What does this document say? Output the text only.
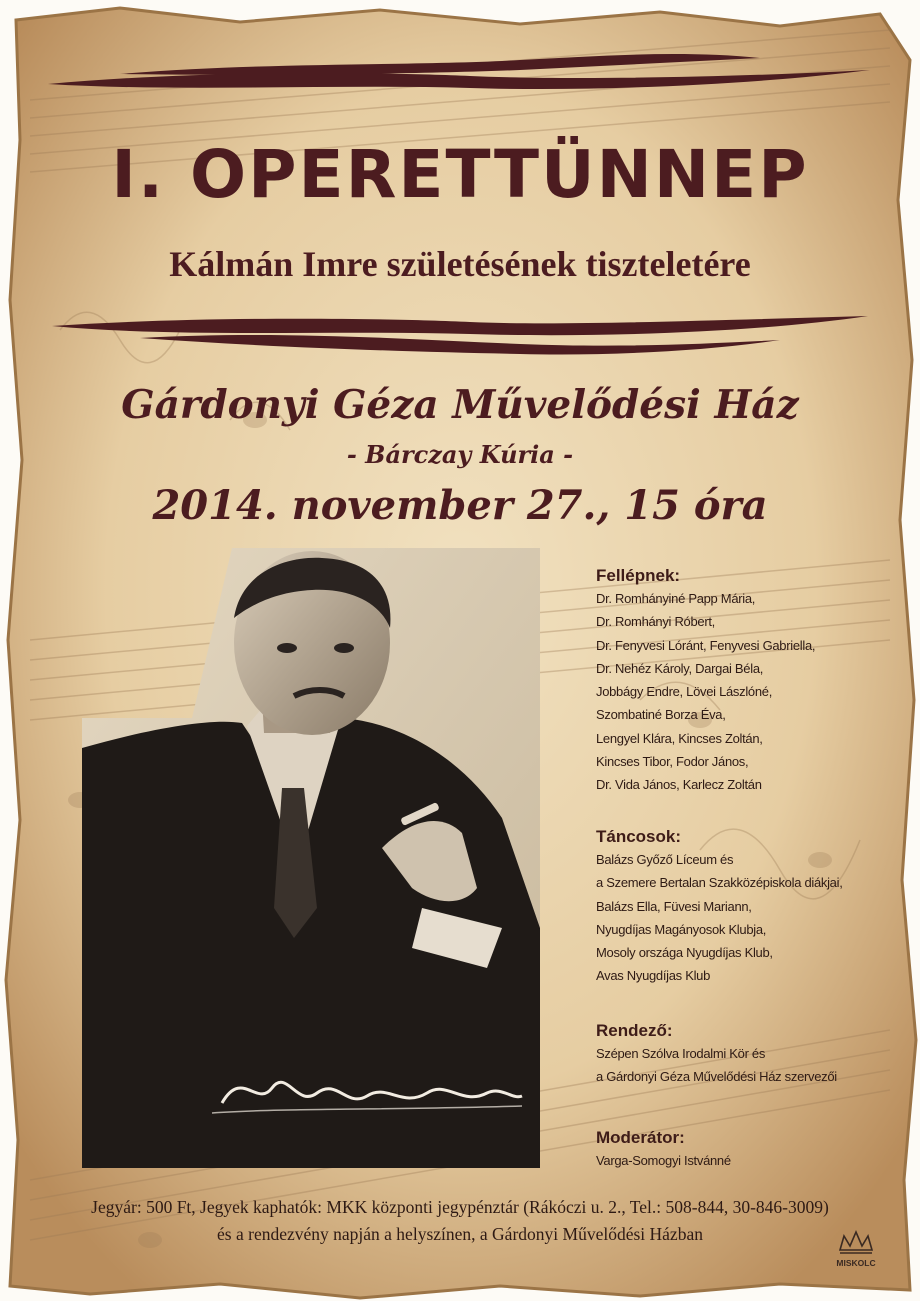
I. OPERETTÜNNEP
Kálmán Imre születésének tiszteletére
Gárdonyi Géza Művelődési Ház
- Bárczay Kúria -
2014. november 27., 15 óra
Fellépnek:
Dr. Romhányiné Papp Mária,
Dr. Romhányi Róbert,
Dr. Fenyvesi Lóránt, Fenyvesi Gabriella,
Dr. Nehéz Károly, Dargai Béla,
Jobbágy Endre, Lövei Lászlóné,
Szombatiné Borza Éva,
Lengyel Klára, Kincses Zoltán,
Kincses Tibor, Fodor János,
Dr. Vida János, Karlecz Zoltán
Táncosok:
Balázs Győző Líceum és
a Szemere Bertalan Szakközépiskola diákjai,
Balázs Ella, Füvesi Mariann,
Nyugdíjas Magányosok Klubja,
Mosoly országa Nyugdíjas Klub,
Avas Nyugdíjas Klub
Rendező:
Szépen Szólva Irodalmi Kör és
a Gárdonyi Géza Művelődési Ház szervezői
Moderátor:
Varga-Somogyi Istvánné
Jegyár: 500 Ft, Jegyek kaphatók: MKK központi jegypénztár (Rákóczi u. 2., Tel.: 508-844, 30-846-3009)
és a rendezvény napján a helyszínen, a Gárdonyi Művelődési Házban
MISKOLC
